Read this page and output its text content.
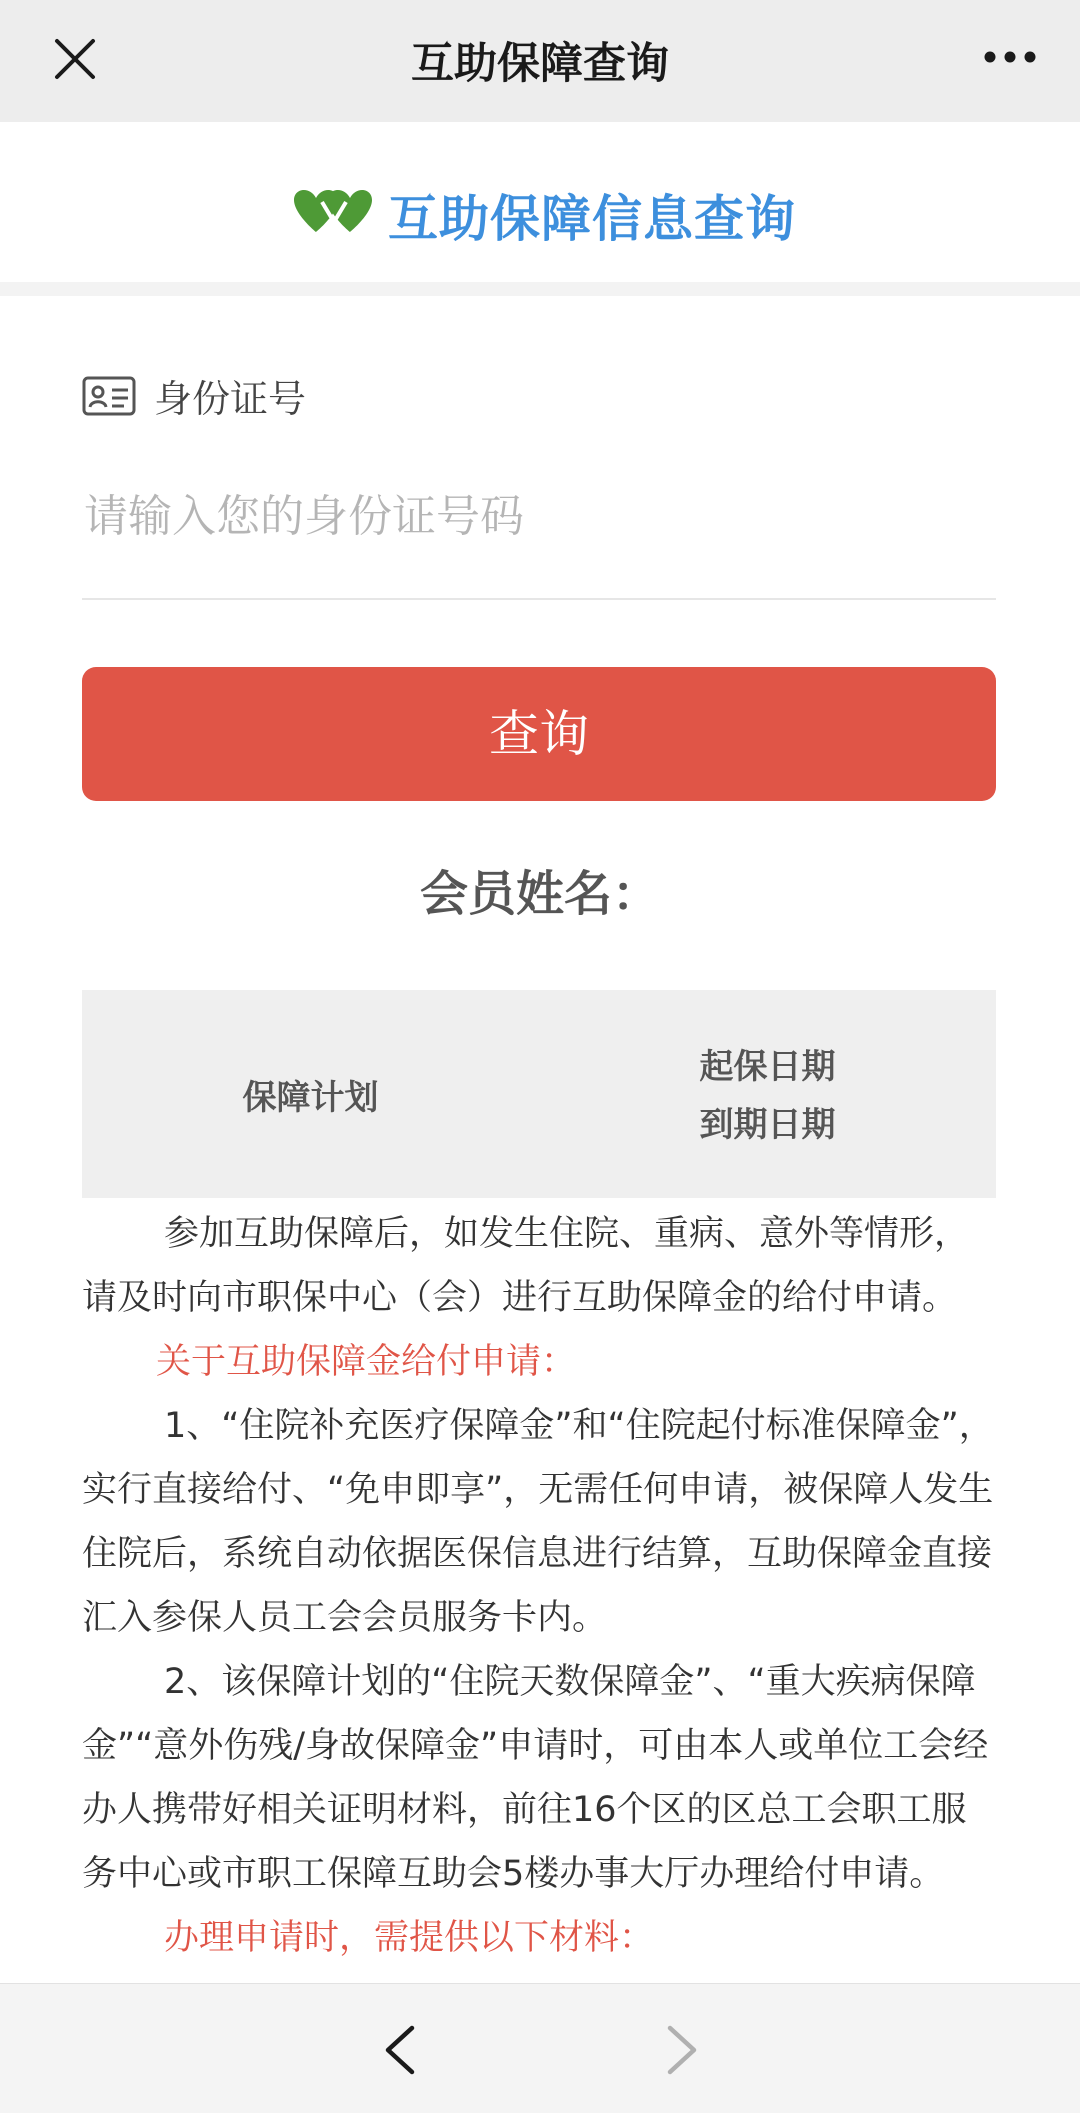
互助保障查询
互助保障信息查询
身份证号
请输入您的身份证号码
查询
会员姓名：
保障计划
起保日期
到期日期

参加互助保障后，如发生住院、重病、意外等情形，请及时向市职保中心（会）进行互助保障金的给付申请。

关于互助保障金给付申请：

1、“住院补充医疗保障金”和“住院起付标准保障金”，实行直接给付、“免申即享”，无需任何申请，被保障人发生住院后，系统自动依据医保信息进行结算，互助保障金直接汇入参保人员工会会员服务卡内。

2、该保障计划的“住院天数保障金”、“重大疾病保障金”“意外伤残/身故保障金”申请时，可由本人或单位工会经办人携带好相关证明材料，前往16个区的区总工会职工服务中心或市职工保障互助会5楼办事大厅办理给付申请。

办理申请时，需提供以下材料：
